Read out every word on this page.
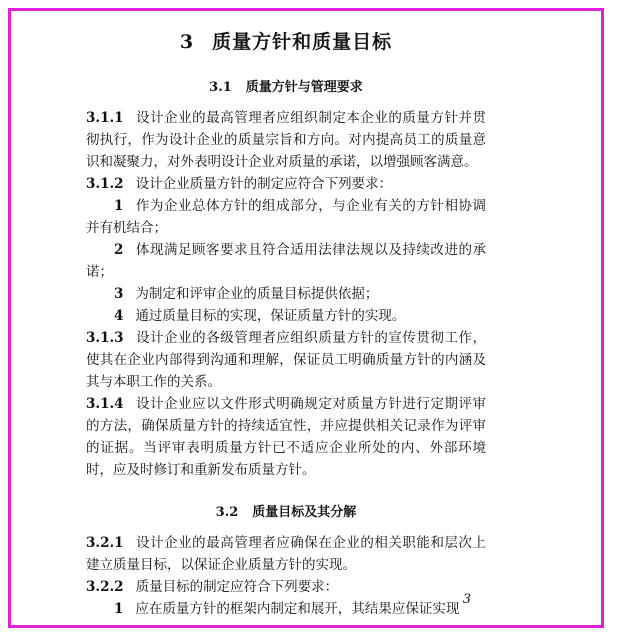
3 质量方针和质量目标
3.1 质量方针与管理要求

3.1.1 设计企业的最高管理者应组织制定本企业的质量方针并贯彻执行，作为设计企业的质量宗旨和方向。对内提高员工的质量意识和凝聚力，对外表明设计企业对质量的承诺，以增强顾客满意。

3.1.2 设计企业质量方针的制定应符合下列要求：

1 作为企业总体方针的组成部分，与企业有关的方针相协调并有机结合；

2 体现满足顾客要求且符合适用法律法规以及持续改进的承诺；

3 为制定和评审企业的质量目标提供依据；

4 通过质量目标的实现，保证质量方针的实现。

3.1.3 设计企业的各级管理者应组织质量方针的宣传贯彻工作，使其在企业内部得到沟通和理解，保证员工明确质量方针的内涵及其与本职工作的关系。

3.1.4 设计企业应以文件形式明确规定对质量方针进行定期评审的方法，确保质量方针的持续适宜性，并应提供相关记录作为评审的证据。当评审表明质量方针已不适应企业所处的内、外部环境时，应及时修订和重新发布质量方针。

3.2 质量目标及其分解

3.2.1 设计企业的最高管理者应确保在企业的相关职能和层次上建立质量目标，以保证企业质量方针的实现。

3.2.2 质量目标的制定应符合下列要求：

1 应在质量方针的框架内制定和展开，其结果应保证实现

3
